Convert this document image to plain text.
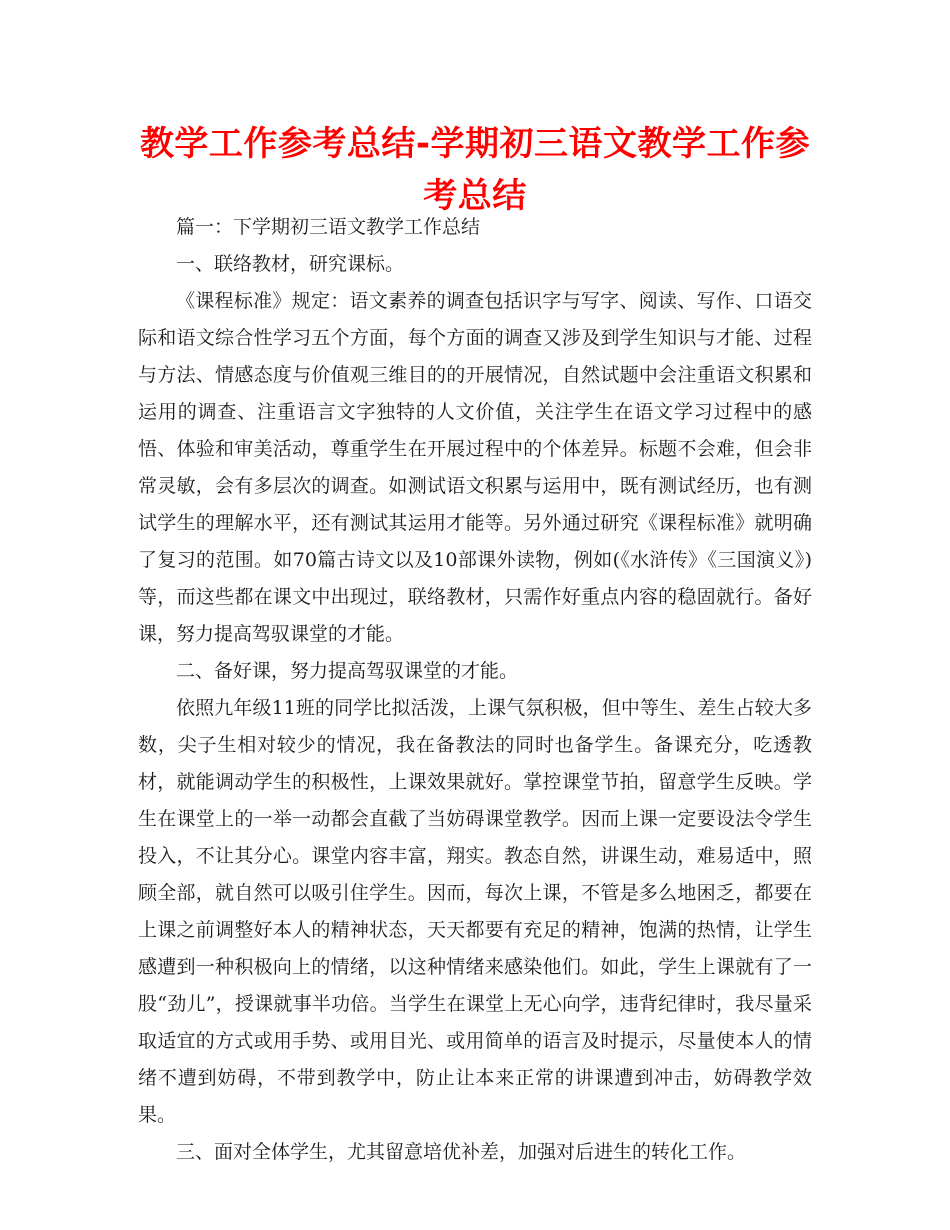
教学工作参考总结-学期初三语文教学工作参考总结

篇一：下学期初三语文教学工作总结

一、联络教材，研究课标。

《课程标准》规定：语文素养的调查包括识字与写字、阅读、写作、口语交际和语文综合性学习五个方面，每个方面的调查又涉及到学生知识与才能、过程与方法、情感态度与价值观三维目的的开展情况，自然试题中会注重语文积累和运用的调查、注重语言文字独特的人文价值，关注学生在语文学习过程中的感悟、体验和审美活动，尊重学生在开展过程中的个体差异。标题不会难，但会非常灵敏，会有多层次的调查。如测试语文积累与运用中，既有测试经历，也有测试学生的理解水平，还有测试其运用才能等。另外通过研究《课程标准》就明确了复习的范围。如70篇古诗文以及10部课外读物，例如(《水浒传》《三国演义》)等，而这些都在课文中出现过，联络教材，只需作好重点内容的稳固就行。备好课，努力提高驾驭课堂的才能。

二、备好课，努力提高驾驭课堂的才能。

依照九年级11班的同学比拟活泼，上课气氛积极，但中等生、差生占较大多数，尖子生相对较少的情况，我在备教法的同时也备学生。备课充分，吃透教材，就能调动学生的积极性，上课效果就好。掌控课堂节拍，留意学生反映。学生在课堂上的一举一动都会直截了当妨碍课堂教学。因而上课一定要设法令学生投入，不让其分心。课堂内容丰富，翔实。教态自然，讲课生动，难易适中，照顾全部，就自然可以吸引住学生。因而，每次上课，不管是多么地困乏，都要在上课之前调整好本人的精神状态，天天都要有充足的精神，饱满的热情，让学生感遭到一种积极向上的情绪，以这种情绪来感染他们。如此，学生上课就有了一股“劲儿”，授课就事半功倍。当学生在课堂上无心向学，违背纪律时，我尽量采取适宜的方式或用手势、或用目光、或用简单的语言及时提示，尽量使本人的情绪不遭到妨碍，不带到教学中，防止让本来正常的讲课遭到冲击，妨碍教学效果。

三、面对全体学生，尤其留意培优补差，加强对后进生的转化工作。
